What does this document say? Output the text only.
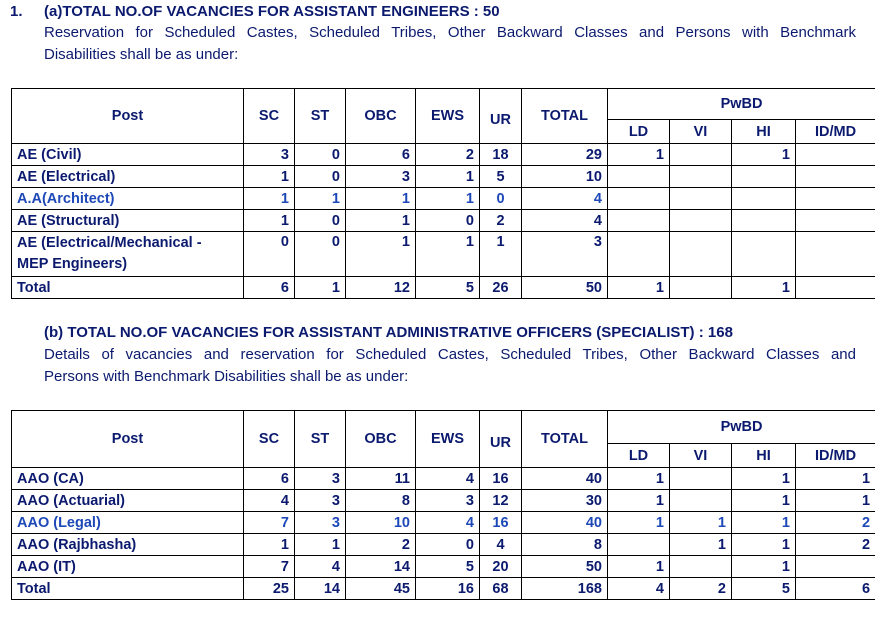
1. (a)TOTAL NO.OF VACANCIES FOR ASSISTANT ENGINEERS : 50
Reservation for Scheduled Castes, Scheduled Tribes, Other Backward Classes and Persons with Benchmark
Disabilities shall be as under:
Post	SC	ST	OBC	EWS	UR	TOTAL	PwBD			
							LD	VI	HI	ID/MD
AE (Civil)	3	0	6	2	18	29	1		1	
AE (Electrical)	1	0	3	1	5	10				
A.A(Architect)	1	1	1	1	0	4				
AE (Structural)	1	0	1	0	2	4				

AE (Electrical/Mechanical -
MEP Engineers)	0	0	1	1	1	3				
Total	6	1	12	5	26	50	1		1	
(b) TOTAL NO.OF VACANCIES FOR ASSISTANT ADMINISTRATIVE OFFICERS (SPECIALIST) : 168
Details of vacancies and reservation for Scheduled Castes, Scheduled Tribes, Other Backward Classes and
Persons with Benchmark Disabilities shall be as under:
Post	SC	ST	OBC	EWS	UR	TOTAL	PwBD			
							LD	VI	HI	ID/MD
AAO (CA)	6	3	11	4	16	40	1		1	1
AAO (Actuarial)	4	3	8	3	12	30	1		1	1
AAO (Legal)	7	3	10	4	16	40	1	1	1	2
AAO (Rajbhasha)	1	1	2	0	4	8		1	1	2
AAO (IT)	7	4	14	5	20	50	1		1	
Total	25	14	45	16	68	168	4	2	5	6
